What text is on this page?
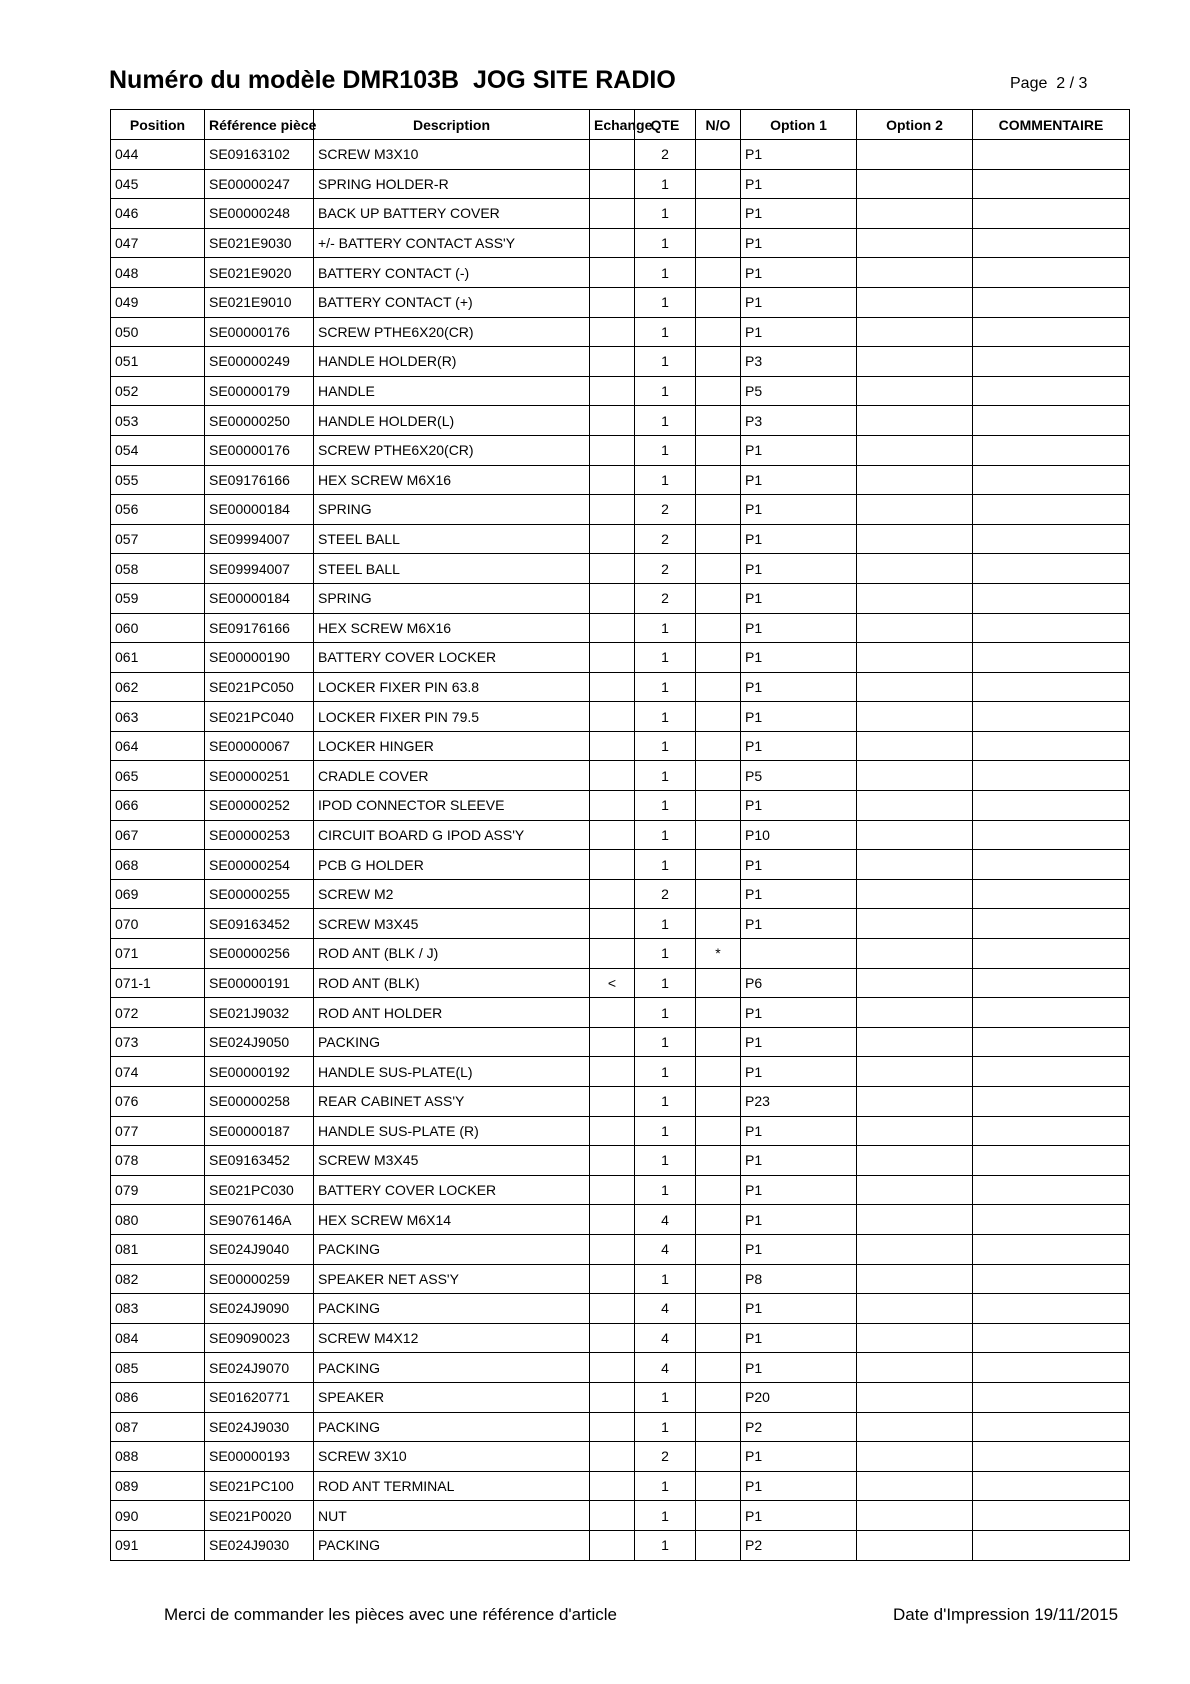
Numéro du modèle DMR103B  JOG SITE RADIO	Page  2 / 3
Position	Référence pièce	Description	Echange	QTE	N/O	Option 1	Option 2	COMMENTAIRE
044	SE09163102	SCREW M3X10		2		P1		
045	SE00000247	SPRING HOLDER-R		1		P1		
046	SE00000248	BACK UP BATTERY COVER		1		P1		
047	SE021E9030	+/- BATTERY CONTACT ASS'Y		1		P1		
048	SE021E9020	BATTERY CONTACT (-)		1		P1		
049	SE021E9010	BATTERY CONTACT (+)		1		P1		
050	SE00000176	SCREW PTHE6X20(CR)		1		P1		
051	SE00000249	HANDLE HOLDER(R)		1		P3		
052	SE00000179	HANDLE		1		P5		
053	SE00000250	HANDLE HOLDER(L)		1		P3		
054	SE00000176	SCREW PTHE6X20(CR)		1		P1		
055	SE09176166	HEX SCREW M6X16		1		P1		
056	SE00000184	SPRING		2		P1		
057	SE09994007	STEEL BALL		2		P1		
058	SE09994007	STEEL BALL		2		P1		
059	SE00000184	SPRING		2		P1		
060	SE09176166	HEX SCREW M6X16		1		P1		
061	SE00000190	BATTERY COVER LOCKER		1		P1		
062	SE021PC050	LOCKER FIXER PIN 63.8		1		P1		
063	SE021PC040	LOCKER FIXER PIN 79.5		1		P1		
064	SE00000067	LOCKER HINGER		1		P1		
065	SE00000251	CRADLE COVER		1		P5		
066	SE00000252	IPOD CONNECTOR SLEEVE		1		P1		
067	SE00000253	CIRCUIT BOARD G IPOD ASS'Y		1		P10		
068	SE00000254	PCB G HOLDER		1		P1		
069	SE00000255	SCREW M2		2		P1		
070	SE09163452	SCREW M3X45		1		P1		
071	SE00000256	ROD ANT (BLK / J)		1	*			
071-1	SE00000191	ROD ANT (BLK)	<	1		P6		
072	SE021J9032	ROD ANT HOLDER		1		P1		
073	SE024J9050	PACKING		1		P1		
074	SE00000192	HANDLE SUS-PLATE(L)		1		P1		
076	SE00000258	REAR CABINET ASS'Y		1		P23		
077	SE00000187	HANDLE SUS-PLATE (R)		1		P1		
078	SE09163452	SCREW M3X45		1		P1		
079	SE021PC030	BATTERY COVER LOCKER		1		P1		
080	SE9076146A	HEX SCREW M6X14		4		P1		
081	SE024J9040	PACKING		4		P1		
082	SE00000259	SPEAKER NET ASS'Y		1		P8		
083	SE024J9090	PACKING		4		P1		
084	SE09090023	SCREW M4X12		4		P1		
085	SE024J9070	PACKING		4		P1		
086	SE01620771	SPEAKER		1		P20		
087	SE024J9030	PACKING		1		P2		
088	SE00000193	SCREW 3X10		2		P1		
089	SE021PC100	ROD ANT TERMINAL		1		P1		
090	SE021P0020	NUT		1		P1		
091	SE024J9030	PACKING		1		P2		
Merci de commander les pièces avec une référence d'article	Date d'Impression 19/11/2015
